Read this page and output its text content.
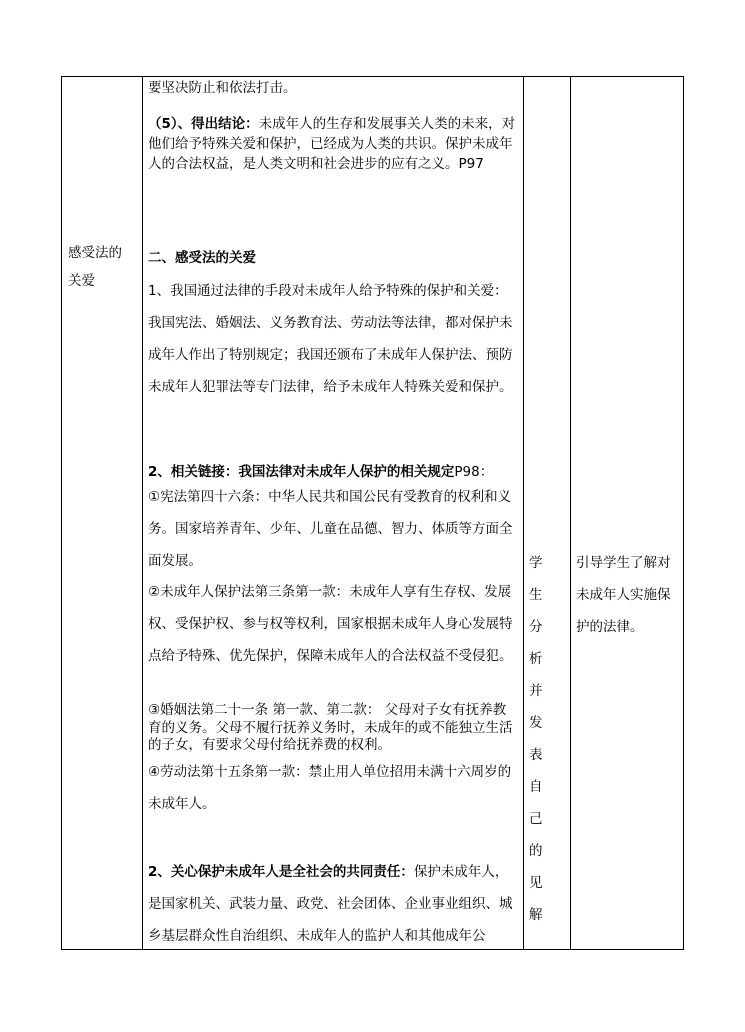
感受法的
关爱
要坚决防止和依法打击。
（5）、得出结论：未成年人的生存和发展事关人类的未来，对他们给予特殊关爱和保护，已经成为人类的共识。保护未成年人的合法权益，是人类文明和社会进步的应有之义。P97
二、感受法的关爱
1、我国通过法律的手段对未成年人给予特殊的保护和关爱：我国宪法、婚姻法、义务教育法、劳动法等法律，都对保护未成年人作出了特别规定；我国还颁布了未成年人保护法、预防未成年人犯罪法等专门法律，给予未成年人特殊关爱和保护。
2、相关链接：我国法律对未成年人保护的相关规定P98：
①宪法第四十六条：中华人民共和国公民有受教育的权利和义务。国家培养青年、少年、儿童在品德、智力、体质等方面全面发展。
②未成年人保护法第三条第一款：未成年人享有生存权、发展权、受保护权、参与权等权利，国家根据未成年人身心发展特点给予特殊、优先保护，保障未成年人的合法权益不受侵犯。
③婚姻法第二十一条 第一款、第二款： 父母对子女有抚养教育的义务。父母不履行抚养义务时，未成年的或不能独立生活的子女，有要求父母付给抚养费的权利。
④劳动法第十五条第一款：禁止用人单位招用未满十六周岁的未成年人。
2、关心保护未成年人是全社会的共同责任：保护未成年人，是国家机关、武装力量、政党、社会团体、企业事业组织、城乡基层群众性自治组织、未成年人的监护人和其他成年公
学生分析并发表自己的见解
引导学生了解对未成年人实施保护的法律。
